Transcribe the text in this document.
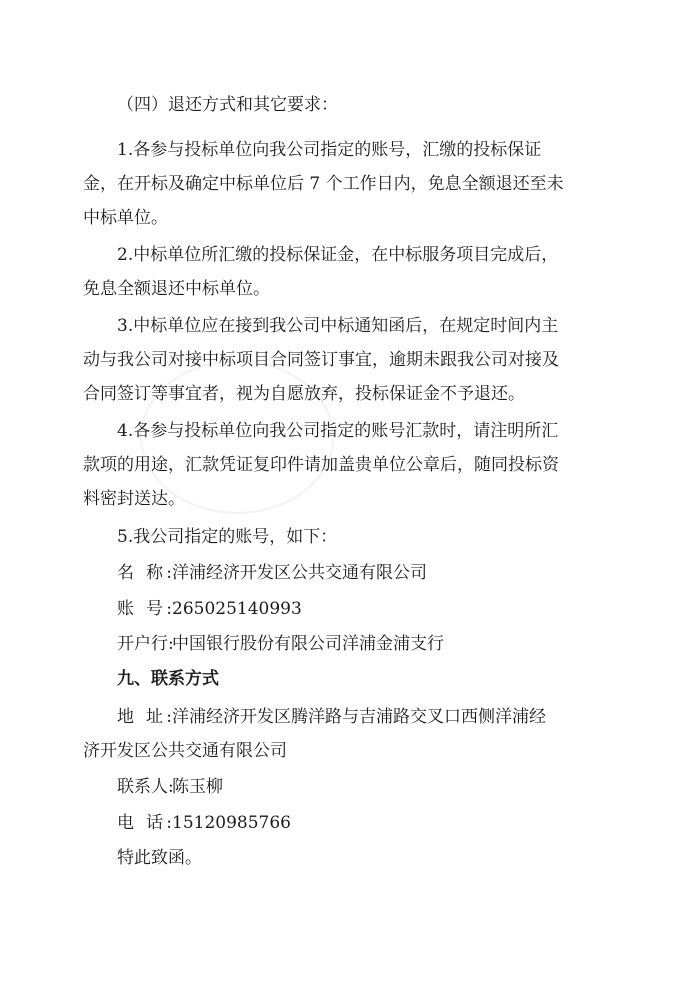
（四）退还方式和其它要求：
1.各参与投标单位向我公司指定的账号，汇缴的投标保证
金，在开标及确定中标单位后 7 个工作日内，免息全额退还至未
中标单位。
2.中标单位所汇缴的投标保证金，在中标服务项目完成后，
免息全额退还中标单位。
3.中标单位应在接到我公司中标通知函后，在规定时间内主
动与我公司对接中标项目合同签订事宜，逾期未跟我公司对接及
合同签订等事宜者，视为自愿放弃，投标保证金不予退还。
4.各参与投标单位向我公司指定的账号汇款时，请注明所汇
款项的用途，汇款凭证复印件请加盖贵单位公章后，随同投标资
料密封送达。
5.我公司指定的账号，如下：
名 称:洋浦经济开发区公共交通有限公司
账 号:265025140993
开户行:中国银行股份有限公司洋浦金浦支行
九、联系方式
地 址:洋浦经济开发区腾洋路与吉浦路交叉口西侧洋浦经
济开发区公共交通有限公司
联系人:陈玉柳
电 话:15120985766
特此致函。
